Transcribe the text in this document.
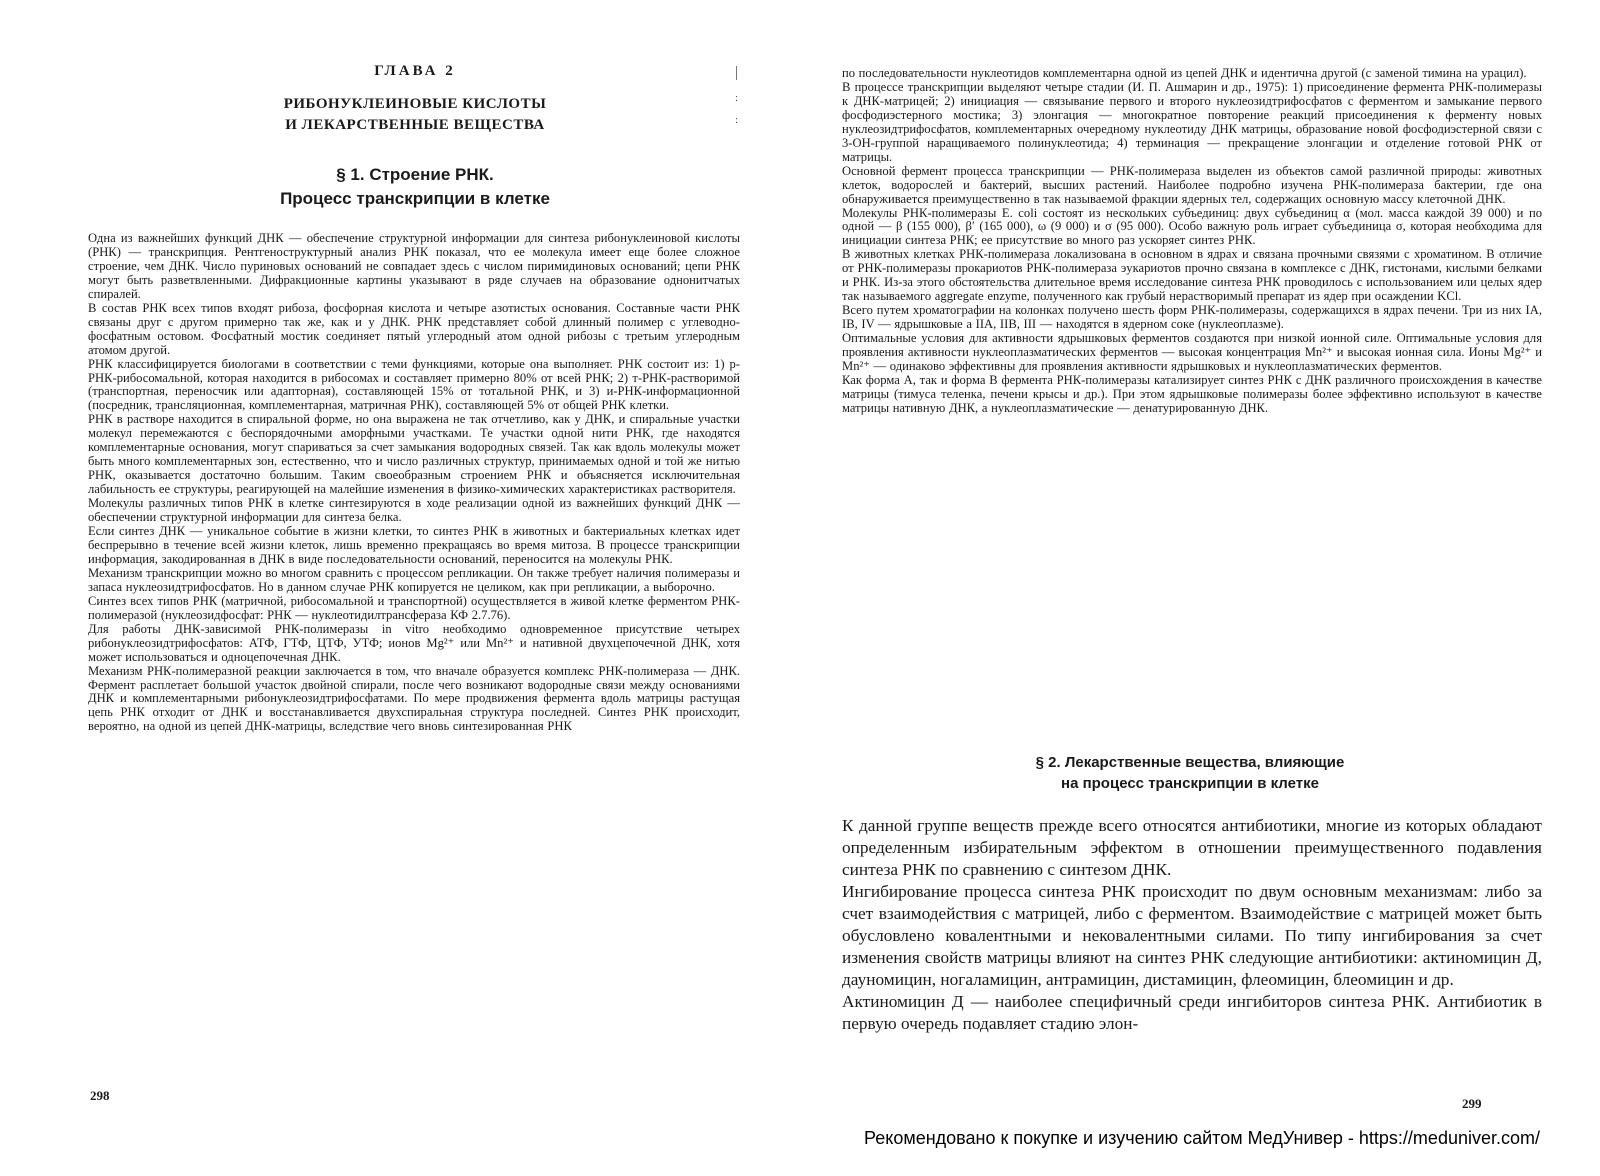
ГЛАВА 2
РИБОНУКЛЕИНОВЫЕ КИСЛОТЫ
И ЛЕКАРСТВЕННЫЕ ВЕЩЕСТВА
§ 1. Строение РНК.
Процесс транскрипции в клетке
Одна из важнейших функций ДНК — обеспечение структурной информации для синтеза рибонуклеиновой кислоты (РНК) — транскрипция. Рентгеноструктурный анализ РНК показал, что ее молекула имеет еще более сложное строение, чем ДНК. Число пуриновых оснований не совпадает здесь с числом пиримидиновых оснований; цепи РНК могут быть разветвленными. Дифракционные картины указывают в ряде случаев на образование однонитчатых спиралей.
В состав РНК всех типов входят рибоза, фосфорная кислота и четыре азотистых основания. Составные части РНК связаны друг с другом примерно так же, как и у ДНК. РНК представляет собой длинный полимер с углеводно-фосфатным остовом. Фосфатный мостик соединяет пятый углеродный атом одной рибозы с третьим углеродным атомом другой.
РНК классифицируется биологами в соответствии с теми функциями, которые она выполняет. РНК состоит из: 1) р-РНК-рибосомальной, которая находится в рибосомах и составляет примерно 80% от всей РНК; 2) т-РНК-растворимой (транспортная, переносчик или адапторная), составляющей 15% от тотальной РНК, и 3) и-РНК-информационной (посредник, трансляционная, комплементарная, матричная РНК), составляющей 5% от общей РНК клетки.
РНК в растворе находится в спиральной форме, но она выражена не так отчетливо, как у ДНК, и спиральные участки молекул перемежаются с беспорядочными аморфными участками. Те участки одной нити РНК, где находятся комплементарные основания, могут спариваться за счет замыкания водородных связей. Так как вдоль молекулы может быть много комплементарных зон, естественно, что и число различных структур, принимаемых одной и той же нитью РНК, оказывается достаточно большим. Таким своеобразным строением РНК и объясняется исключительная лабильность ее структуры, реагирующей на малейшие изменения в физико-химических характеристиках растворителя.
Молекулы различных типов РНК в клетке синтезируются в ходе реализации одной из важнейших функций ДНК — обеспечении структурной информации для синтеза белка.
Если синтез ДНК — уникальное событие в жизни клетки, то синтез РНК в животных и бактериальных клетках идет беспрерывно в течение всей жизни клеток, лишь временно прекращаясь во время митоза. В процессе транскрипции информация, закодированная в ДНК в виде последовательности оснований, переносится на молекулы РНК.
Механизм транскрипции можно во многом сравнить с процессом репликации. Он также требует наличия полимеразы и запаса нуклеозидтрифосфатов. Но в данном случае РНК копируется не целиком, как при репликации, а выборочно.
Синтез всех типов РНК (матричной, рибосомальной и транспортной) осуществляется в живой клетке ферментом РНК-полимеразой (нуклеозидфосфат: РНК — нуклеотидилтрансфераза КФ 2.7.76).
Для работы ДНК-зависимой РНК-полимеразы in vitro необходимо одновременное присутствие четырех рибонуклеозидтрифосфатов: АТФ, ГТФ, ЦТФ, УТФ; ионов Mg²⁺ или Mn²⁺ и нативной двухцепочечной ДНК, хотя может использоваться и одноцепочечная ДНК.
Механизм РНК-полимеразной реакции заключается в том, что вначале образуется комплекс РНК-полимераза — ДНК. Фермент расплетает большой участок двойной спирали, после чего возникают водородные связи между основаниями ДНК и комплементарными рибонуклеозидтрифосфатами. По мере продвижения фермента вдоль матрицы растущая цепь РНК отходит от ДНК и восстанавливается двухспиральная структура последней. Синтез РНК происходит, вероятно, на одной из цепей ДНК-матрицы, вследствие чего вновь синтезированная РНК
298
:
:
по последовательности нуклеотидов комплементарна одной из цепей ДНК и идентична другой (с заменой тимина на урацил).
В процессе транскрипции выделяют четыре стадии (И. П. Ашмарин и др., 1975): 1) присоединение фермента РНК-полимеразы к ДНК-матрицей; 2) инициация — связывание первого и второго нуклеозидтрифосфатов с ферментом и замыкание первого фосфодиэстерного мостика; 3) элонгация — многократное повторение реакций присоединения к ферменту новых нуклеозидтрифосфатов, комплементарных очередному нуклеотиду ДНК матрицы, образование новой фосфодиэстерной связи с 3-ОН-группой наращиваемого полинуклеотида; 4) терминация — прекращение элонгации и отделение готовой РНК от матрицы.
Основной фермент процесса транскрипции — РНК-полимераза выделен из объектов самой различной природы: животных клеток, водорослей и бактерий, высших растений. Наиболее подробно изучена РНК-полимераза бактерии, где она обнаруживается преимущественно в так называемой фракции ядерных тел, содержащих основную массу клеточной ДНК.
Молекулы РНК-полимеразы E. coli состоят из нескольких субъединиц: двух субъединиц α (мол. масса каждой 39 000) и по одной — β (155 000), β′ (165 000), ω (9 000) и σ (95 000). Особо важную роль играет субъединица σ, которая необходима для инициации синтеза РНК; ее присутствие во много раз ускоряет синтез РНК.
В животных клетках РНК-полимераза локализована в основном в ядрах и связана прочными связями с хроматином. В отличие от РНК-полимеразы прокариотов РНК-полимераза эукариотов прочно связана в комплексе с ДНК, гистонами, кислыми белками и РНК. Из-за этого обстоятельства длительное время исследование синтеза РНК проводилось с использованием или целых ядер так называемого aggregate enzyme, полученного как грубый нерастворимый препарат из ядер при осаждении KCl.
Всего путем хроматографии на колонках получено шесть форм РНК-полимеразы, содержащихся в ядрах печени. Три из них IA, IB, IV — ядрышковые а IIA, IIB, III — находятся в ядерном соке (нуклеоплазме).
Оптимальные условия для активности ядрышковых ферментов создаются при низкой ионной силе. Оптимальные условия для проявления активности нуклеоплазматических ферментов — высокая концентрация Mn²⁺ и высокая ионная сила. Ионы Mg²⁺ и Mn²⁺ — одинаково эффективны для проявления активности ядрышковых и нуклеоплазматических ферментов.
Как форма А, так и форма В фермента РНК-полимеразы катализирует синтез РНК с ДНК различного происхождения в качестве матрицы (тимуса теленка, печени крысы и др.). При этом ядрышковые полимеразы более эффективно используют в качестве матрицы нативную ДНК, а нуклеоплазматические — денатурированную ДНК.
§ 2. Лекарственные вещества, влияющие
на процесс транскрипции в клетке
К данной группе веществ прежде всего относятся антибиотики, многие из которых обладают определенным избирательным эффектом в отношении преимущественного подавления синтеза РНК по сравнению с синтезом ДНК.
Ингибирование процесса синтеза РНК происходит по двум основным механизмам: либо за счет взаимодействия с матрицей, либо с ферментом. Взаимодействие с матрицей может быть обусловлено ковалентными и нековалентными силами. По типу ингибирования за счет изменения свойств матрицы влияют на синтез РНК следующие антибиотики: актиномицин Д, дауномицин, ногаламицин, антрамицин, дистамицин, флеомицин, блеомицин и др.
Актиномицин Д — наиболее специфичный среди ингибиторов синтеза РНК. Антибиотик в первую очередь подавляет стадию элон-
299
Рекомендовано к покупке и изучению сайтом МедУнивер - https://meduniver.com/
